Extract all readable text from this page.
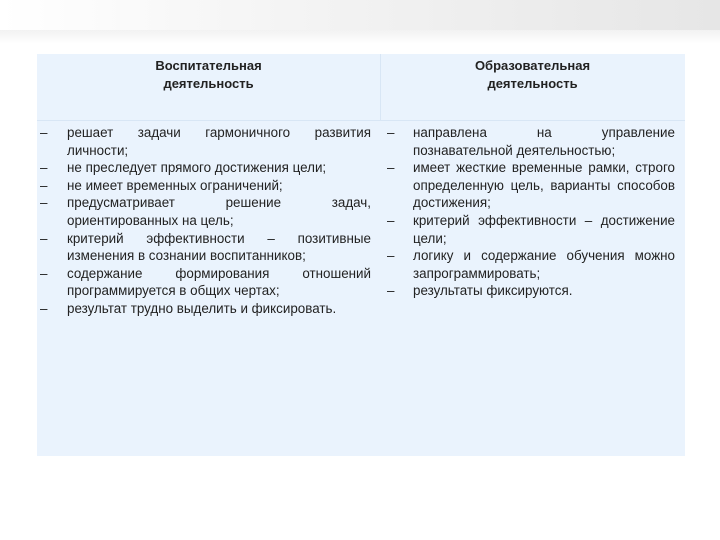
Воспитательная
деятельность
Образовательная
деятельность
– решает задачи гармоничного развития личности;
– не преследует прямого достижения цели;
– не имеет временных ограничений;
– предусматривает решение задач, ориентированных на цель;
– критерий эффективности – позитивные изменения в сознании воспитанников;
– содержание формирования отношений программируется в общих чертах;
– результат трудно выделить и фиксировать.
– направлена на управление познавательной деятельностью;
– имеет жесткие временные рамки, строго определенную цель, варианты способов достижения;
– критерий эффективности – достижение цели;
– логику и содержание обучения можно запрограммировать;
– результаты фиксируются.
